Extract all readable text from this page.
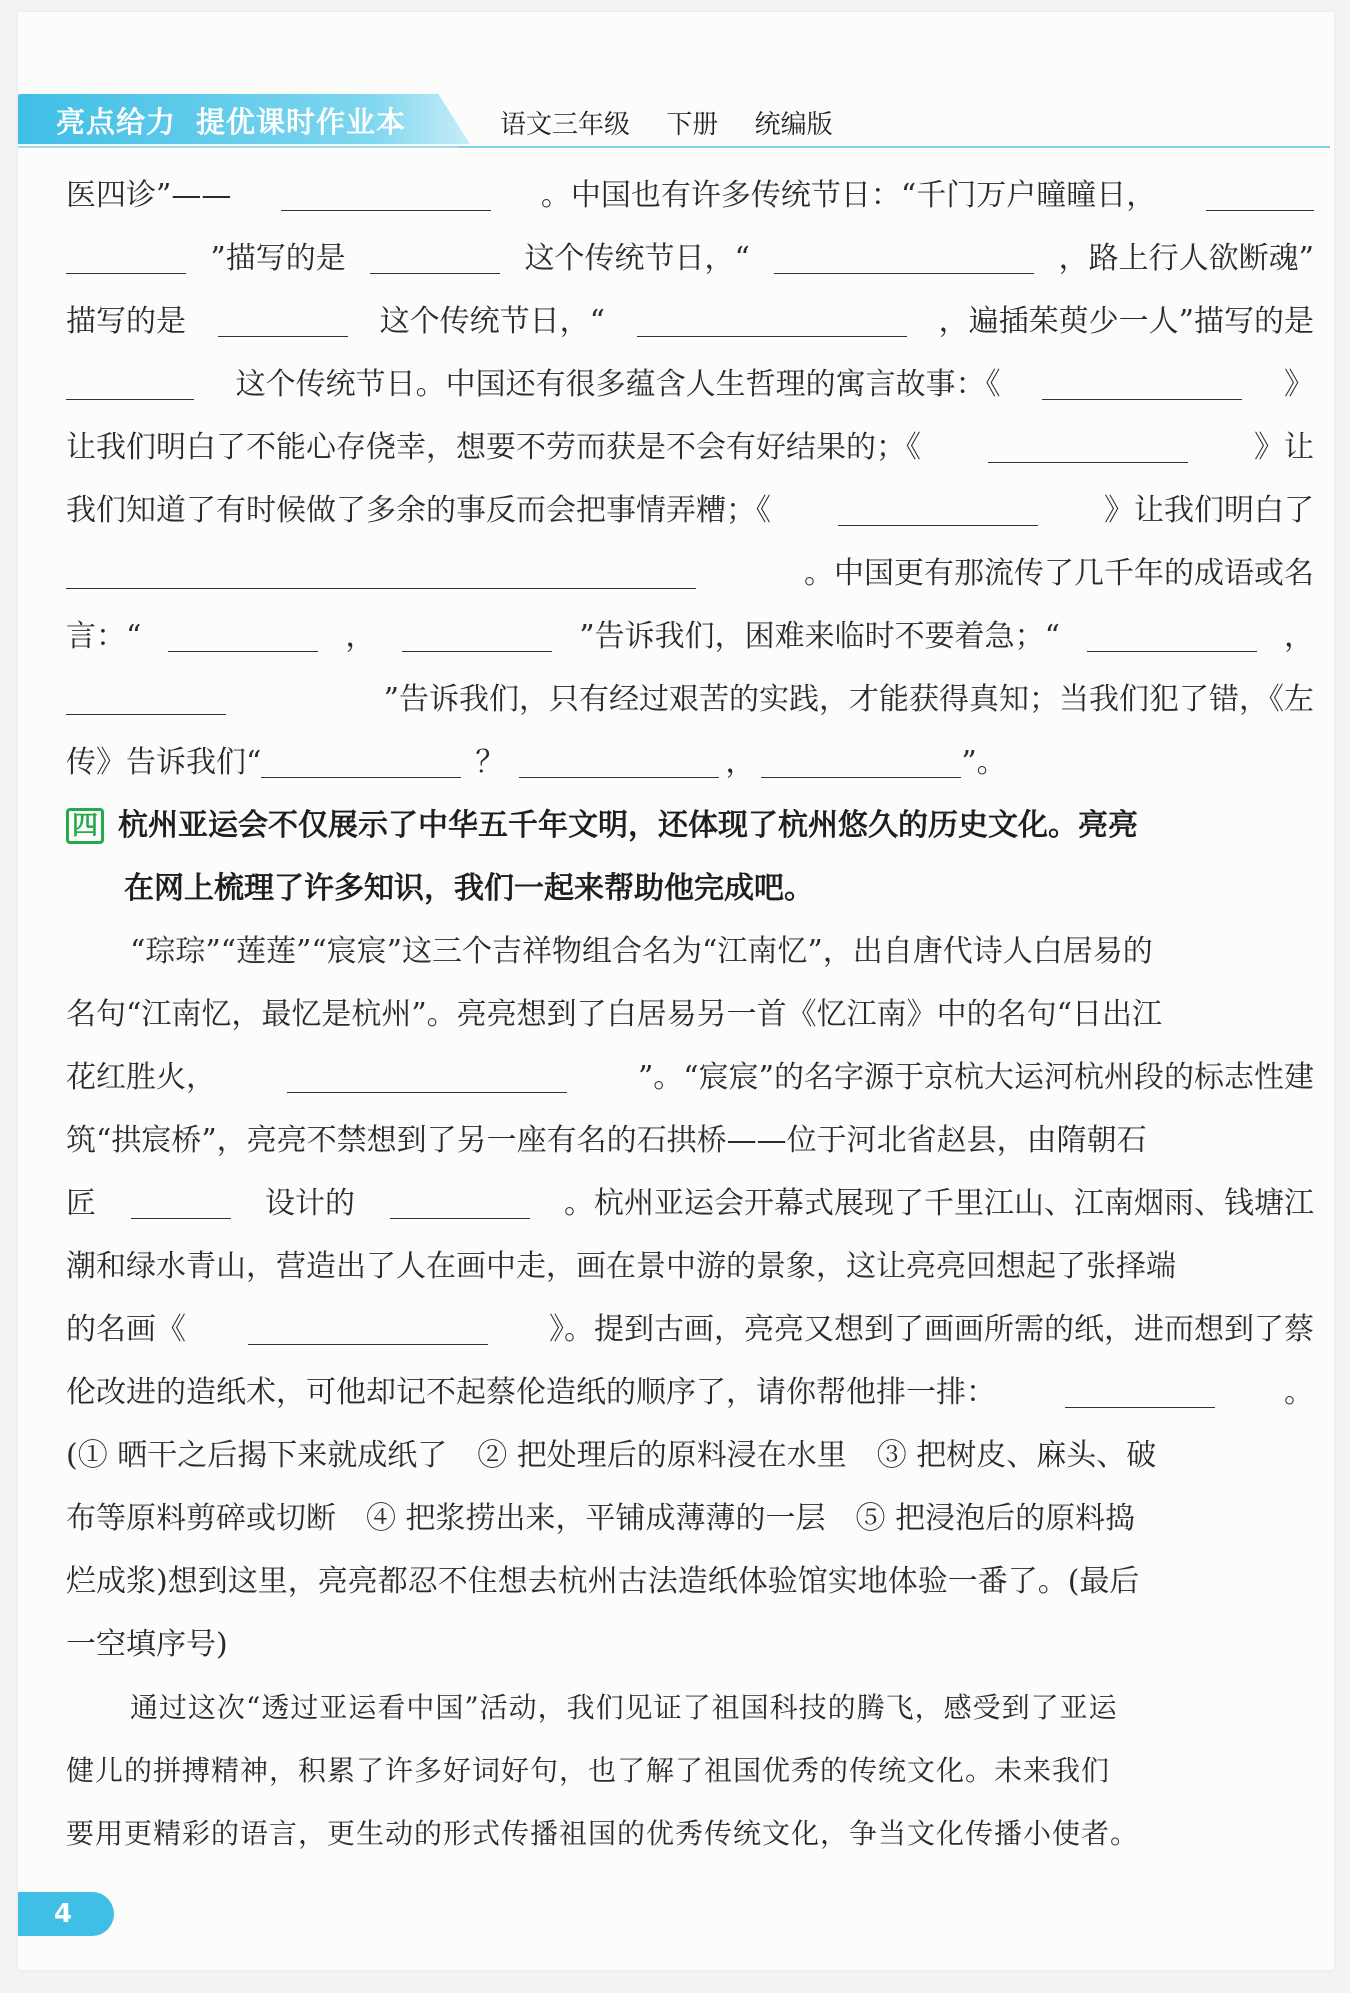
亮点给力 提优课时作业本	语文三年级 下册 统编版
医四诊”——	。中国也有许多传统节日：“千门万户曈曈日，
”描写的是	这个传统节日，“	，路上行人欲断魂”
描写的是	这个传统节日，“	，遍插茱萸少一人”描写的是
这个传统节日。中国还有很多蕴含人生哲理的寓言故事：《	》
让我们明白了不能心存侥幸，想要不劳而获是不会有好结果的；《	》让
我们知道了有时候做了多余的事反而会把事情弄糟；《	》让我们明白了
。中国更有那流传了几千年的成语或名
言：“	，	”告诉我们，困难来临时不要着急；“	，
”告诉我们，只有经过艰苦的实践，才能获得真知；当我们犯了错，《左
传》告诉我们“	？	，	”。
四 杭州亚运会不仅展示了中华五千年文明，还体现了杭州悠久的历史文化。亮亮
在网上梳理了许多知识，我们一起来帮助他完成吧。
“琮琮”“莲莲”“宸宸”这三个吉祥物组合名为“江南忆”，出自唐代诗人白居易的
名句“江南忆，最忆是杭州”。亮亮想到了白居易另一首《忆江南》中的名句“日出江
花红胜火，	”。“宸宸”的名字源于京杭大运河杭州段的标志性建
筑“拱宸桥”，亮亮不禁想到了另一座有名的石拱桥——位于河北省赵县，由隋朝石
匠	设计的	。杭州亚运会开幕式展现了千里江山、江南烟雨、钱塘江
潮和绿水青山，营造出了人在画中走，画在景中游的景象，这让亮亮回想起了张择端
的名画《	》。提到古画，亮亮又想到了画画所需的纸，进而想到了蔡
伦改进的造纸术，可他却记不起蔡伦造纸的顺序了，请你帮他排一排：	。
(① 晒干之后揭下来就成纸了　② 把处理后的原料浸在水里　③ 把树皮、麻头、破
布等原料剪碎或切断　④ 把浆捞出来，平铺成薄薄的一层　⑤ 把浸泡后的原料捣
烂成浆)想到这里，亮亮都忍不住想去杭州古法造纸体验馆实地体验一番了。(最后
一空填序号)
通过这次“透过亚运看中国”活动，我们见证了祖国科技的腾飞，感受到了亚运
健儿的拼搏精神，积累了许多好词好句，也了解了祖国优秀的传统文化。未来我们
要用更精彩的语言，更生动的形式传播祖国的优秀传统文化，争当文化传播小使者。
4
